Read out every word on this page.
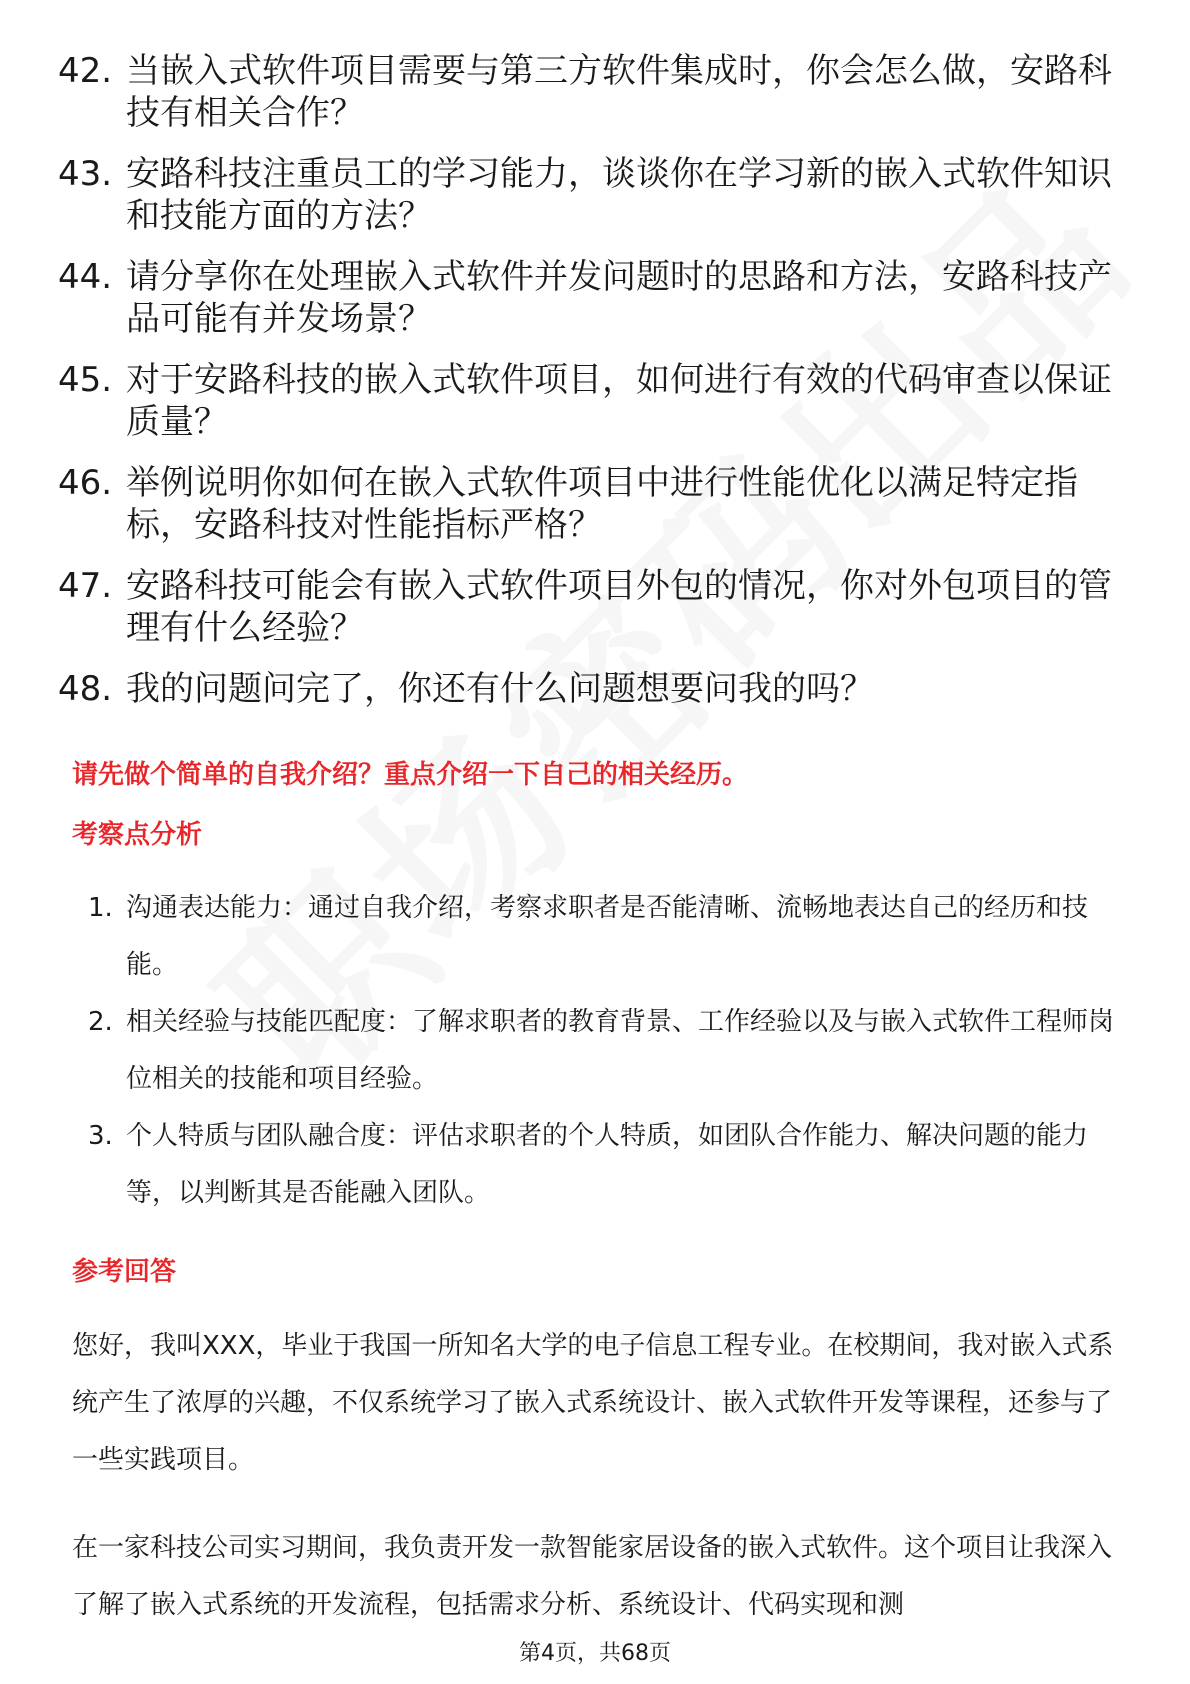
42. 当嵌入式软件项目需要与第三方软件集成时，你会怎么做，安路科技有相关合作？
43. 安路科技注重员工的学习能力，谈谈你在学习新的嵌入式软件知识和技能方面的方法？
44. 请分享你在处理嵌入式软件并发问题时的思路和方法，安路科技产品可能有并发场景？
45. 对于安路科技的嵌入式软件项目，如何进行有效的代码审查以保证质量？
46. 举例说明你如何在嵌入式软件项目中进行性能优化以满足特定指标，安路科技对性能指标严格？
47. 安路科技可能会有嵌入式软件项目外包的情况，你对外包项目的管理有什么经验？
48. 我的问题问完了，你还有什么问题想要问我的吗？
请先做个简单的自我介绍？重点介绍一下自己的相关经历。
考察点分析
1. 沟通表达能力：通过自我介绍，考察求职者是否能清晰、流畅地表达自己的经历和技能。
2. 相关经验与技能匹配度：了解求职者的教育背景、工作经验以及与嵌入式软件工程师岗位相关的技能和项目经验。
3. 个人特质与团队融合度：评估求职者的个人特质，如团队合作能力、解决问题的能力等，以判断其是否能融入团队。
参考回答
您好，我叫XXX，毕业于我国一所知名大学的电子信息工程专业。在校期间，我对嵌入式系统产生了浓厚的兴趣，不仅系统学习了嵌入式系统设计、嵌入式软件开发等课程，还参与了一些实践项目。
在一家科技公司实习期间，我负责开发一款智能家居设备的嵌入式软件。这个项目让我深入了解了嵌入式系统的开发流程，包括需求分析、系统设计、代码实现和测
第4页，共68页
